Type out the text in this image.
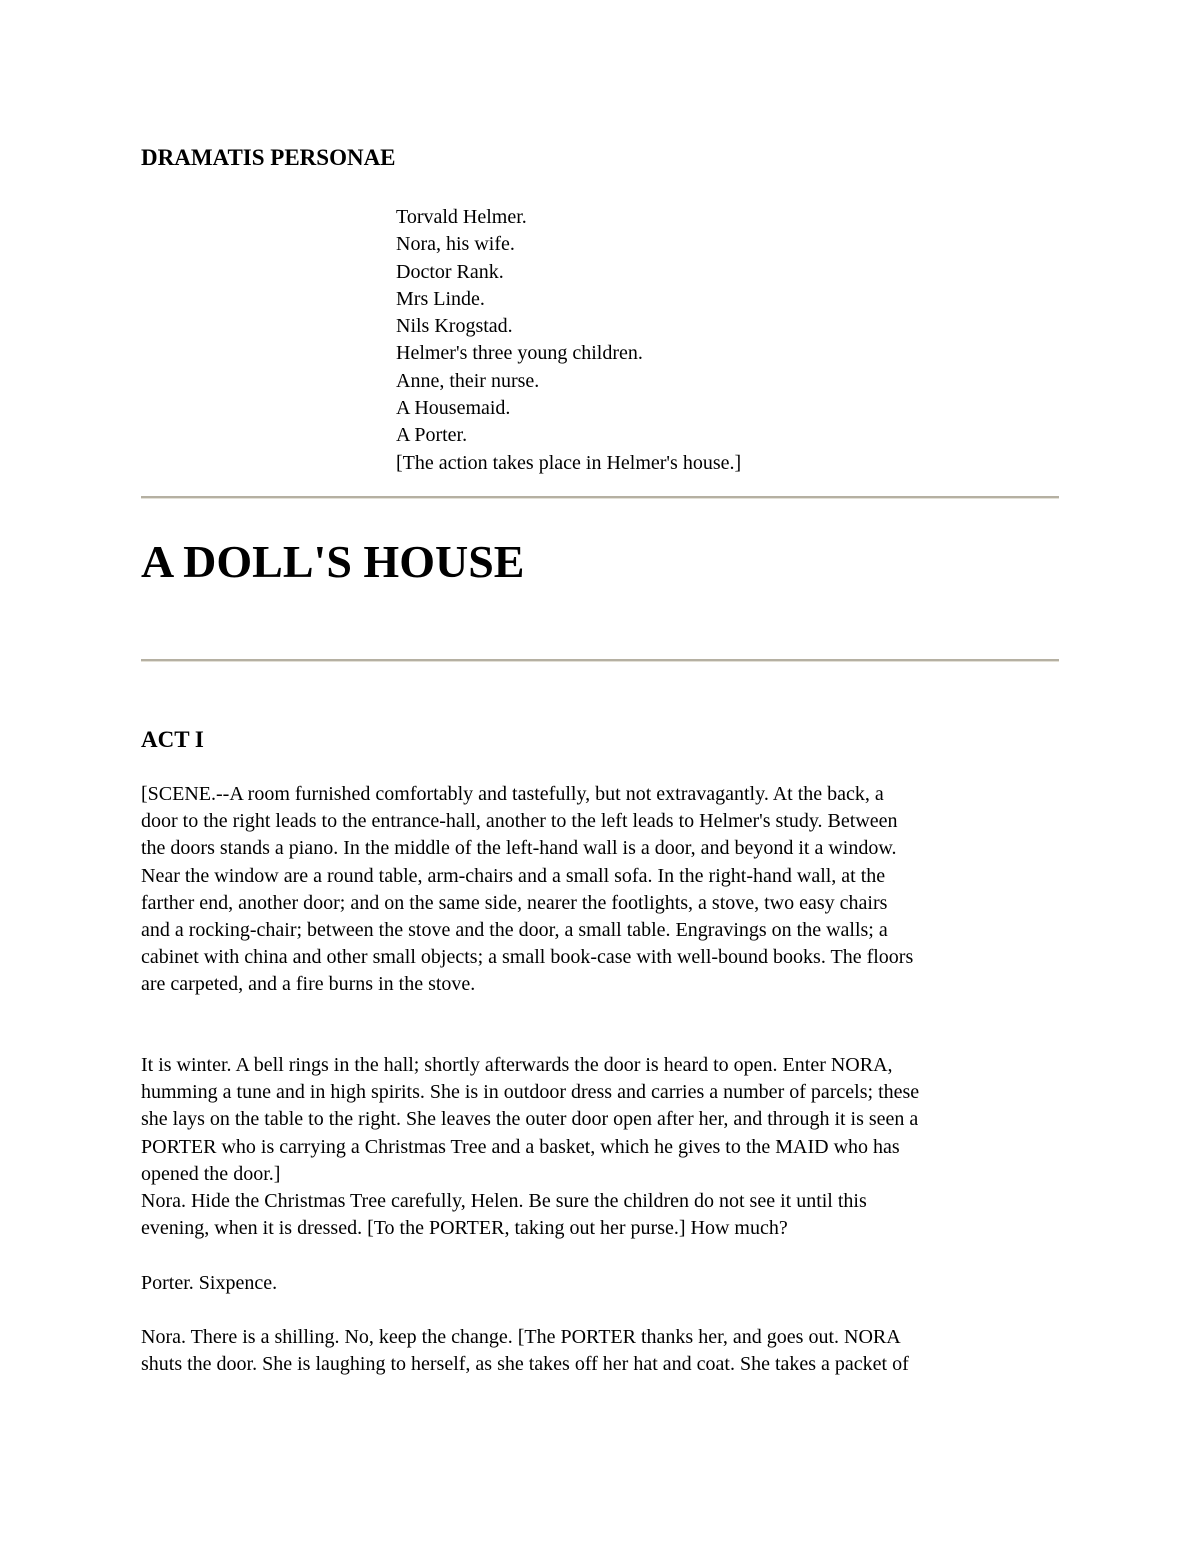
DRAMATIS PERSONAE
Torvald Helmer.
Nora, his wife.
Doctor Rank.
Mrs Linde.
Nils Krogstad.
Helmer's three young children.
Anne, their nurse.
A Housemaid.
A Porter.
[The action takes place in Helmer's house.]
A DOLL'S HOUSE
ACT I

[SCENE.--A room furnished comfortably and tastefully, but not extravagantly. At the back, a
door to the right leads to the entrance-hall, another to the left leads to Helmer's study. Between
the doors stands a piano. In the middle of the left-hand wall is a door, and beyond it a window.
Near the window are a round table, arm-chairs and a small sofa. In the right-hand wall, at the
farther end, another door; and on the same side, nearer the footlights, a stove, two easy chairs
and a rocking-chair; between the stove and the door, a small table. Engravings on the walls; a
cabinet with china and other small objects; a small book-case with well-bound books. The floors
are carpeted, and a fire burns in the stove.

It is winter. A bell rings in the hall; shortly afterwards the door is heard to open. Enter NORA,
humming a tune and in high spirits. She is in outdoor dress and carries a number of parcels; these
she lays on the table to the right. She leaves the outer door open after her, and through it is seen a
PORTER who is carrying a Christmas Tree and a basket, which he gives to the MAID who has
opened the door.]

Nora. Hide the Christmas Tree carefully, Helen. Be sure the children do not see it until this
evening, when it is dressed. [To the PORTER, taking out her purse.] How much?

Porter. Sixpence.

Nora. There is a shilling. No, keep the change. [The PORTER thanks her, and goes out. NORA
shuts the door. She is laughing to herself, as she takes off her hat and coat. She takes a packet of
